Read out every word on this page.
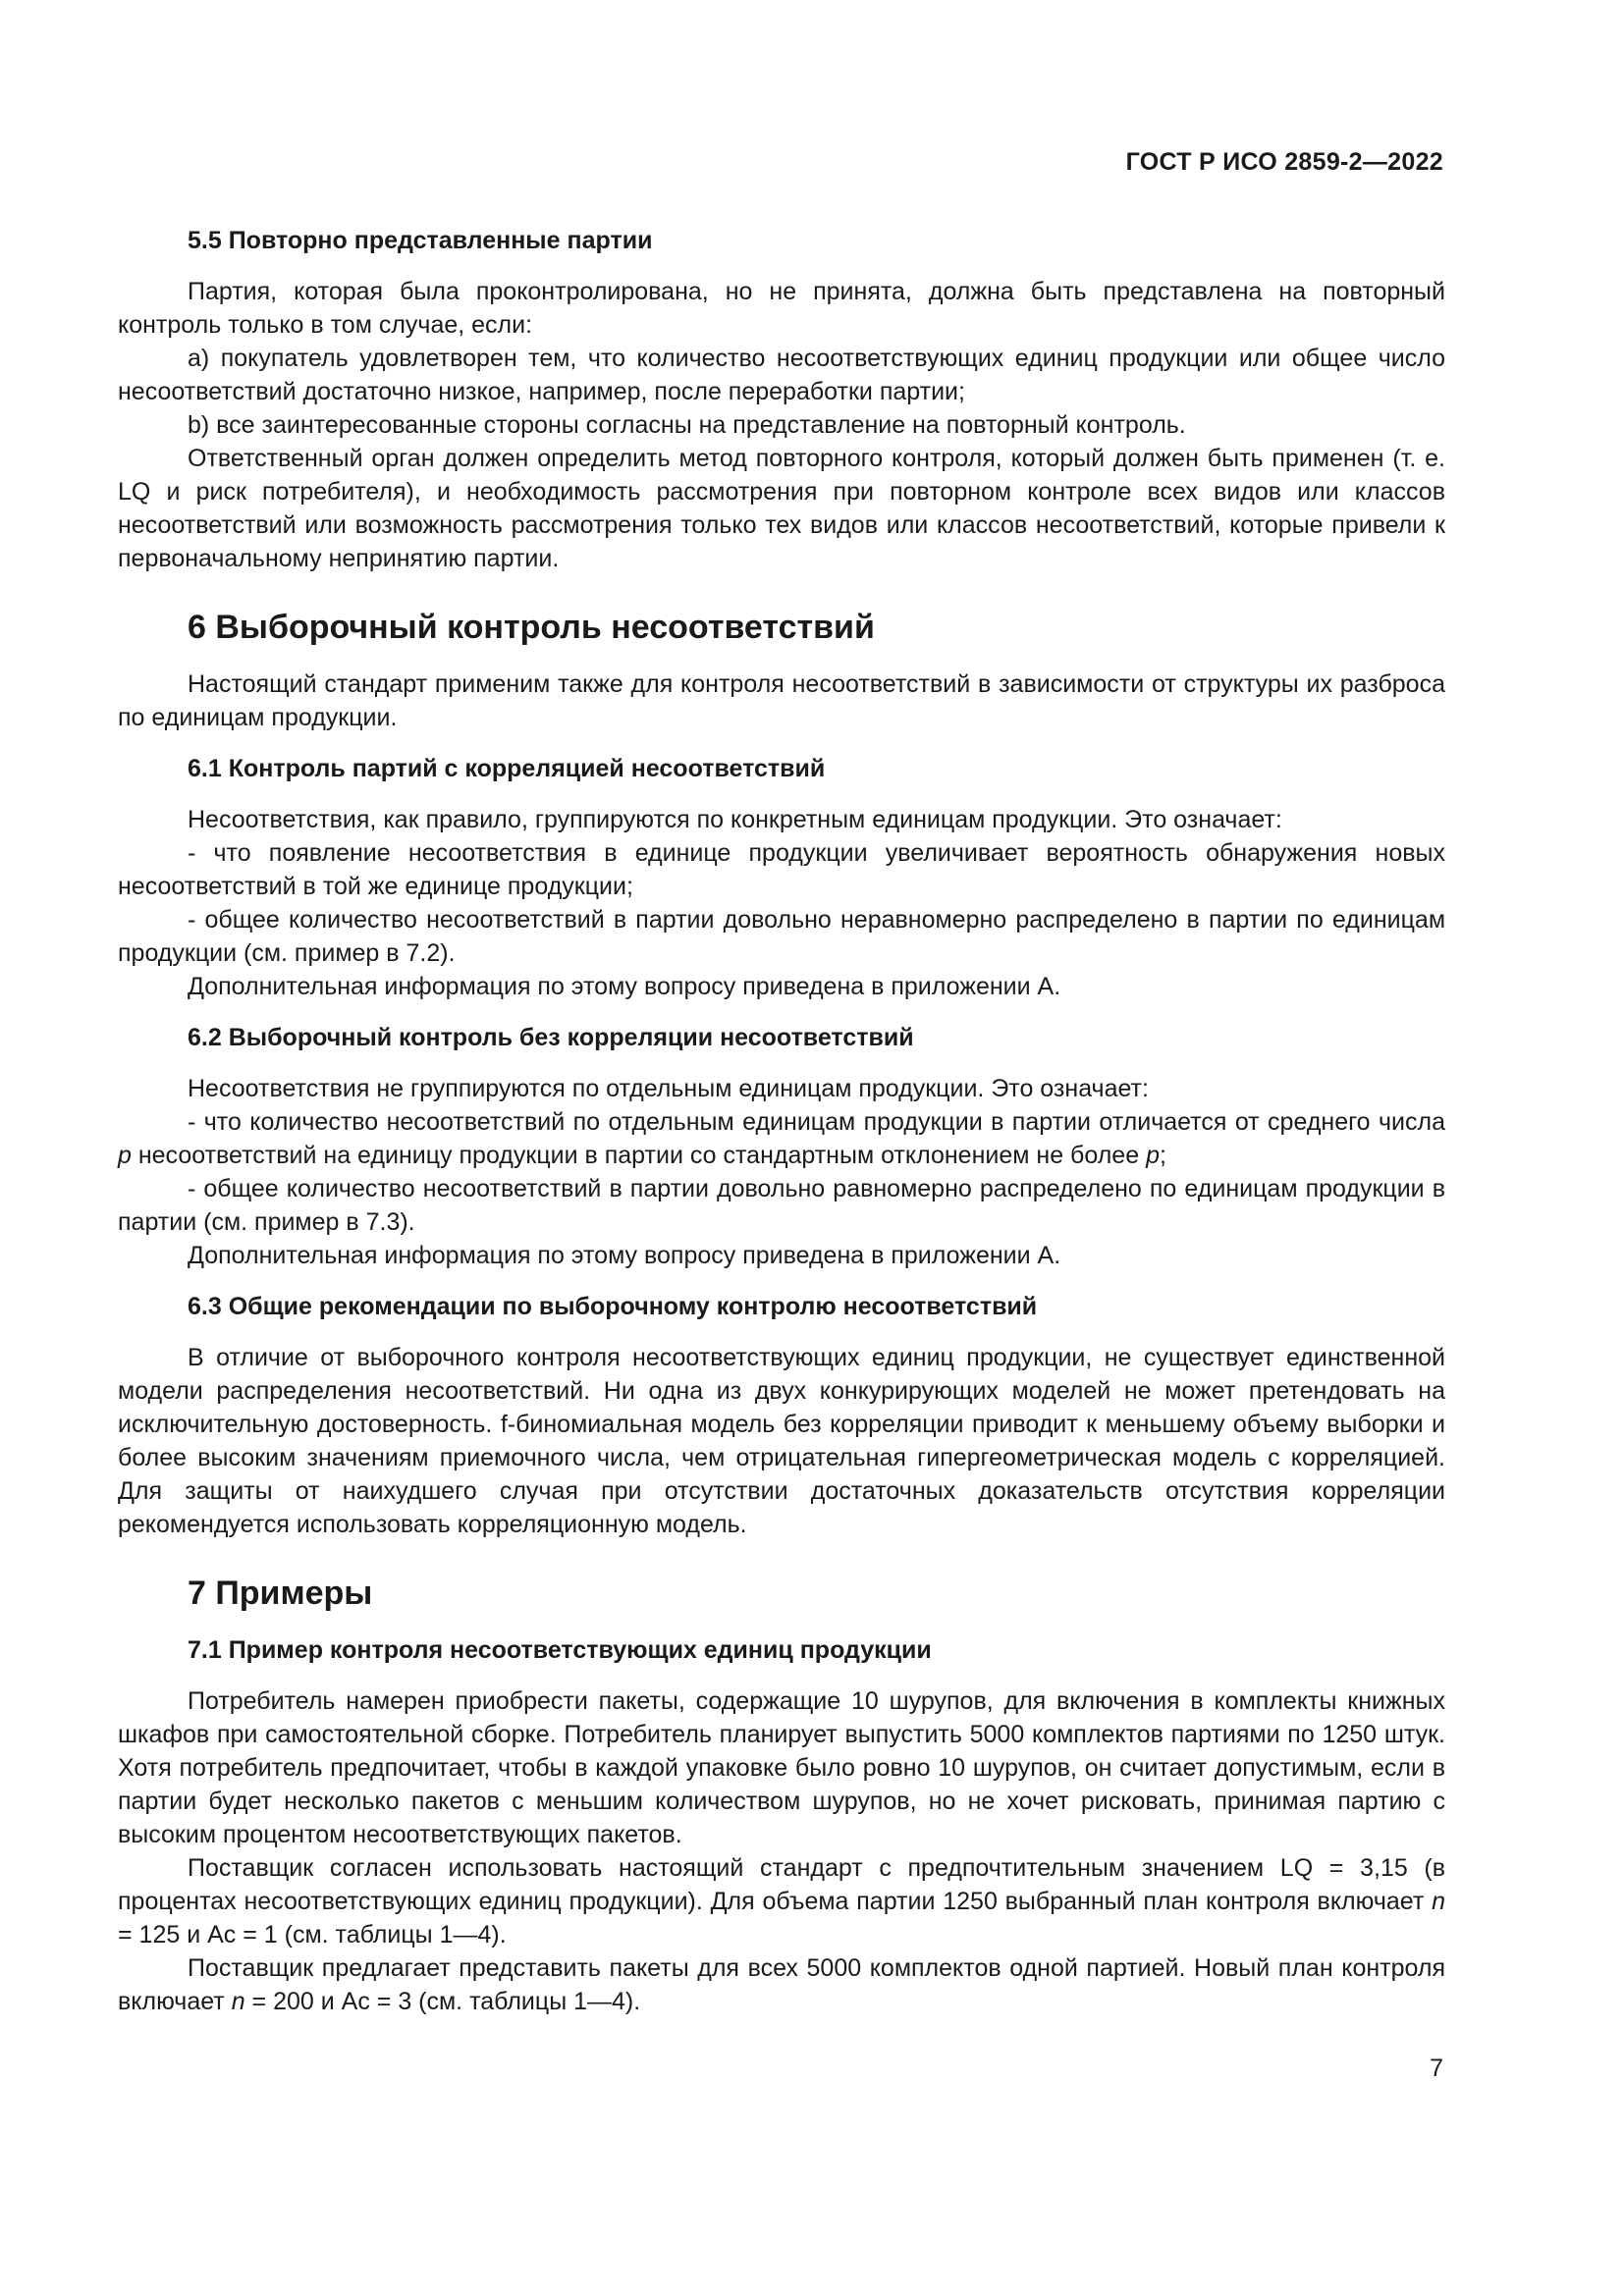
ГОСТ Р ИСО 2859-2—2022
5.5 Повторно представленные партии

Партия, которая была проконтролирована, но не принята, должна быть представлена на повторный контроль только в том случае, если:

a) покупатель удовлетворен тем, что количество несоответствующих единиц продукции или общее число несоответствий достаточно низкое, например, после переработки партии;

b) все заинтересованные стороны согласны на представление на повторный контроль.

Ответственный орган должен определить метод повторного контроля, который должен быть применен (т. е. LQ и риск потребителя), и необходимость рассмотрения при повторном контроле всех видов или классов несоответствий или возможность рассмотрения только тех видов или классов несоответствий, которые привели к первоначальному непринятию партии.

6 Выборочный контроль несоответствий

Настоящий стандарт применим также для контроля несоответствий в зависимости от структуры их разброса по единицам продукции.

6.1 Контроль партий с корреляцией несоответствий

Несоответствия, как правило, группируются по конкретным единицам продукции. Это означает:

- что появление несоответствия в единице продукции увеличивает вероятность обнаружения новых несоответствий в той же единице продукции;

- общее количество несоответствий в партии довольно неравномерно распределено в партии по единицам продукции (см. пример в 7.2).

Дополнительная информация по этому вопросу приведена в приложении А.

6.2 Выборочный контроль без корреляции несоответствий

Несоответствия не группируются по отдельным единицам продукции. Это означает:

- что количество несоответствий по отдельным единицам продукции в партии отличается от среднего числа p несоответствий на единицу продукции в партии со стандартным отклонением не более p;

- общее количество несоответствий в партии довольно равномерно распределено по единицам продукции в партии (см. пример в 7.3).

Дополнительная информация по этому вопросу приведена в приложении А.

6.3 Общие рекомендации по выборочному контролю несоответствий

В отличие от выборочного контроля несоответствующих единиц продукции, не существует единственной модели распределения несоответствий. Ни одна из двух конкурирующих моделей не может претендовать на исключительную достоверность. f-биномиальная модель без корреляции приводит к меньшему объему выборки и более высоким значениям приемочного числа, чем отрицательная гипергеометрическая модель с корреляцией. Для защиты от наихудшего случая при отсутствии достаточных доказательств отсутствия корреляции рекомендуется использовать корреляционную модель.

7 Примеры
7.1 Пример контроля несоответствующих единиц продукции

Потребитель намерен приобрести пакеты, содержащие 10 шурупов, для включения в комплекты книжных шкафов при самостоятельной сборке. Потребитель планирует выпустить 5000 комплектов партиями по 1250 штук. Хотя потребитель предпочитает, чтобы в каждой упаковке было ровно 10 шурупов, он считает допустимым, если в партии будет несколько пакетов с меньшим количеством шурупов, но не хочет рисковать, принимая партию с высоким процентом несоответствующих пакетов.

Поставщик согласен использовать настоящий стандарт с предпочтительным значением LQ = 3,15 (в процентах несоответствующих единиц продукции). Для объема партии 1250 выбранный план контроля включает n = 125 и Ac = 1 (см. таблицы 1—4).

Поставщик предлагает представить пакеты для всех 5000 комплектов одной партией. Новый план контроля включает n = 200 и Ac = 3 (см. таблицы 1—4).

7
